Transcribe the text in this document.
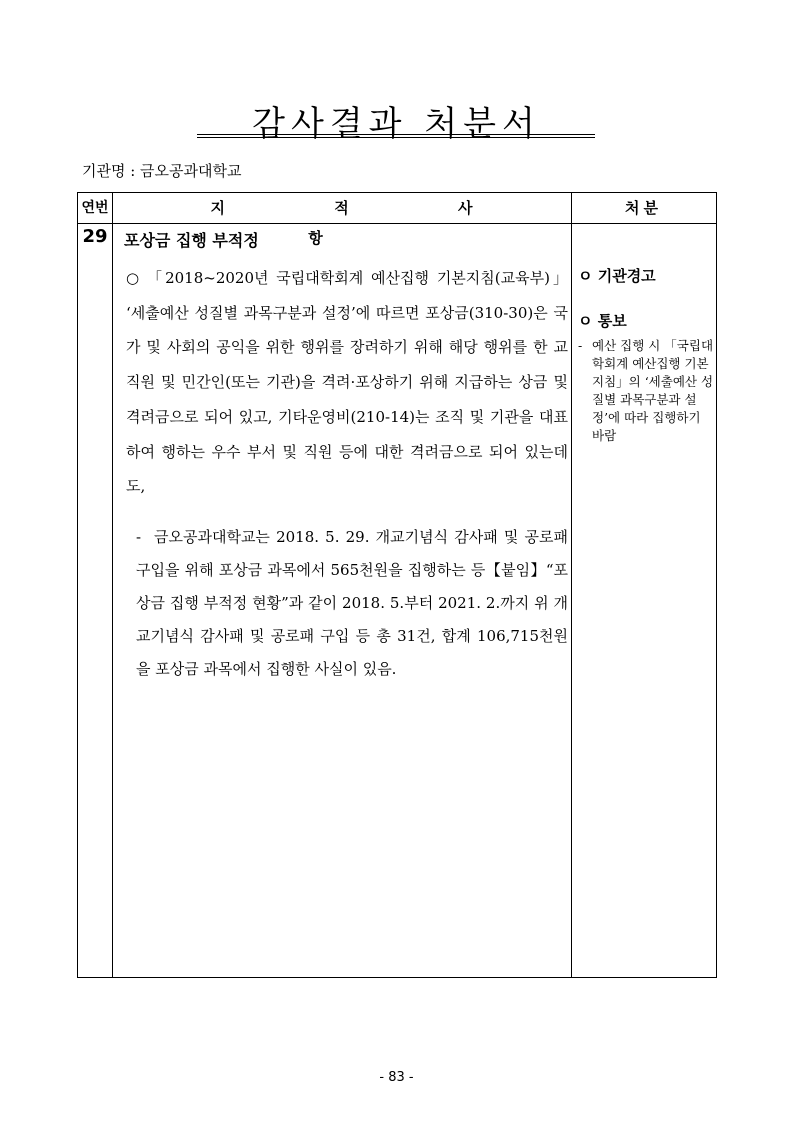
감사결과 처분서
기관명 : 금오공과대학교
연번	지 적 사 항
처분
29 포상금 집행 부적정
○ 「2018~2020년 국립대학회계 예산집행 기본지침(교육부)」 ‘세출예산 성질별 과목구분과 설정’에 따르면 포상금(310-30)은 국가 및 사회의 공익을 위한 행위를 장려하기 위해 해당 행위를 한 교직원 및 민간인(또는 기관)을 격려·포상하기 위해 지급하는 상금 및 격려금으로 되어 있고, 기타운영비(210-14)는 조직 및 기관을 대표하여 행하는 우수 부서 및 직원 등에 대한 격려금으로 되어 있는데도,
- 금오공과대학교는 2018. 5. 29. 개교기념식 감사패 및 공로패 구입을 위해 포상금 과목에서 565천원을 집행하는 등【붙임】“포상금 집행 부적정 현황”과 같이 2018. 5.부터 2021. 2.까지 위 개교기념식 감사패 및 공로패 구입 등 총 31건, 합계 106,715천원을 포상금 과목에서 집행한 사실이 있음.
ㅇ 기관경고
ㅇ 통보
- 예산 집행 시 「국립대학회계 예산집행 기본지침」의 ‘세출예산 성질별 과목구분과 설정’에 따라 집행하기 바람
- 83 -
